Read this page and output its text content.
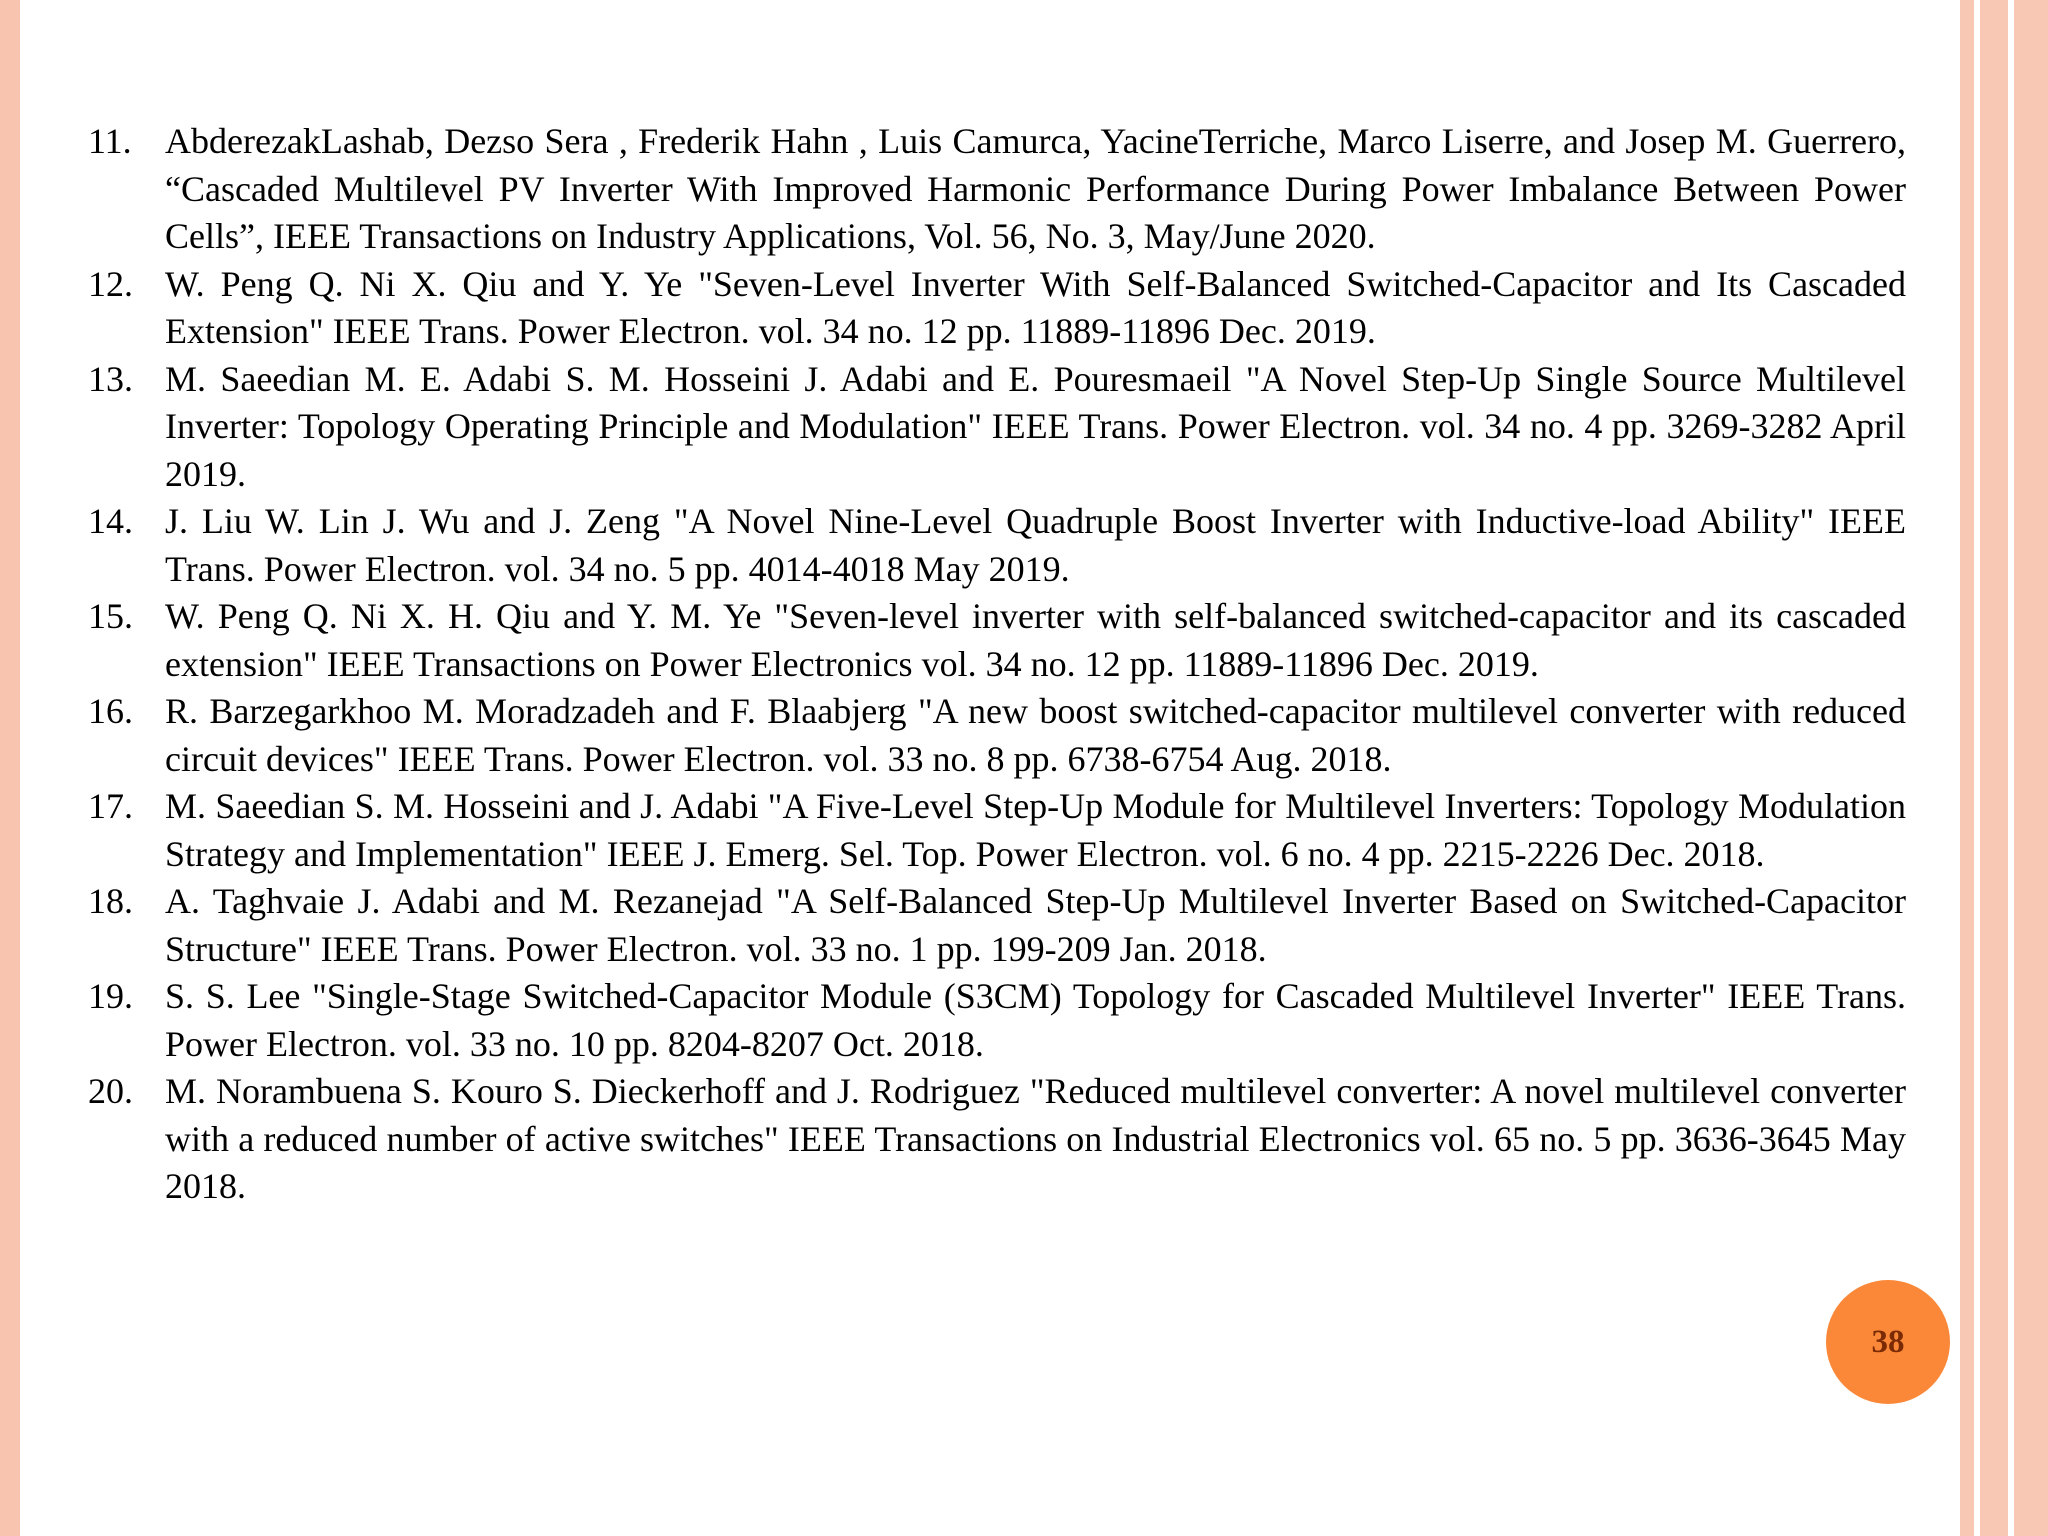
11. AbderezakLashab, Dezso Sera , Frederik Hahn , Luis Camurca, YacineTerriche, Marco Liserre, and Josep M. Guerrero, “Cascaded Multilevel PV Inverter With Improved Harmonic Performance During Power Imbalance Between Power Cells”, IEEE Transactions on Industry Applications, Vol. 56, No. 3, May/June 2020.
12. W. Peng Q. Ni X. Qiu and Y. Ye "Seven-Level Inverter With Self-Balanced Switched-Capacitor and Its Cascaded Extension" IEEE Trans. Power Electron. vol. 34 no. 12 pp. 11889-11896 Dec. 2019.
13. M. Saeedian M. E. Adabi S. M. Hosseini J. Adabi and E. Pouresmaeil "A Novel Step-Up Single Source Multilevel Inverter: Topology Operating Principle and Modulation" IEEE Trans. Power Electron. vol. 34 no. 4 pp. 3269-3282 April 2019.
14. J. Liu W. Lin J. Wu and J. Zeng "A Novel Nine-Level Quadruple Boost Inverter with Inductive-load Ability" IEEE Trans. Power Electron. vol. 34 no. 5 pp. 4014-4018 May 2019.
15. W. Peng Q. Ni X. H. Qiu and Y. M. Ye "Seven-level inverter with self-balanced switched-capacitor and its cascaded extension" IEEE Transactions on Power Electronics vol. 34 no. 12 pp. 11889-11896 Dec. 2019.
16. R. Barzegarkhoo M. Moradzadeh and F. Blaabjerg "A new boost switched-capacitor multilevel converter with reduced circuit devices" IEEE Trans. Power Electron. vol. 33 no. 8 pp. 6738-6754 Aug. 2018.
17. M. Saeedian S. M. Hosseini and J. Adabi "A Five-Level Step-Up Module for Multilevel Inverters: Topology Modulation Strategy and Implementation" IEEE J. Emerg. Sel. Top. Power Electron. vol. 6 no. 4 pp. 2215-2226 Dec. 2018.
18. A. Taghvaie J. Adabi and M. Rezanejad "A Self-Balanced Step-Up Multilevel Inverter Based on Switched-Capacitor Structure" IEEE Trans. Power Electron. vol. 33 no. 1 pp. 199-209 Jan. 2018.
19. S. S. Lee "Single-Stage Switched-Capacitor Module (S3CM) Topology for Cascaded Multilevel Inverter" IEEE Trans. Power Electron. vol. 33 no. 10 pp. 8204-8207 Oct. 2018.
20. M. Norambuena S. Kouro S. Dieckerhoff and J. Rodriguez "Reduced multilevel converter: A novel multilevel converter with a reduced number of active switches" IEEE Transactions on Industrial Electronics vol. 65 no. 5 pp. 3636-3645 May 2018.
38
